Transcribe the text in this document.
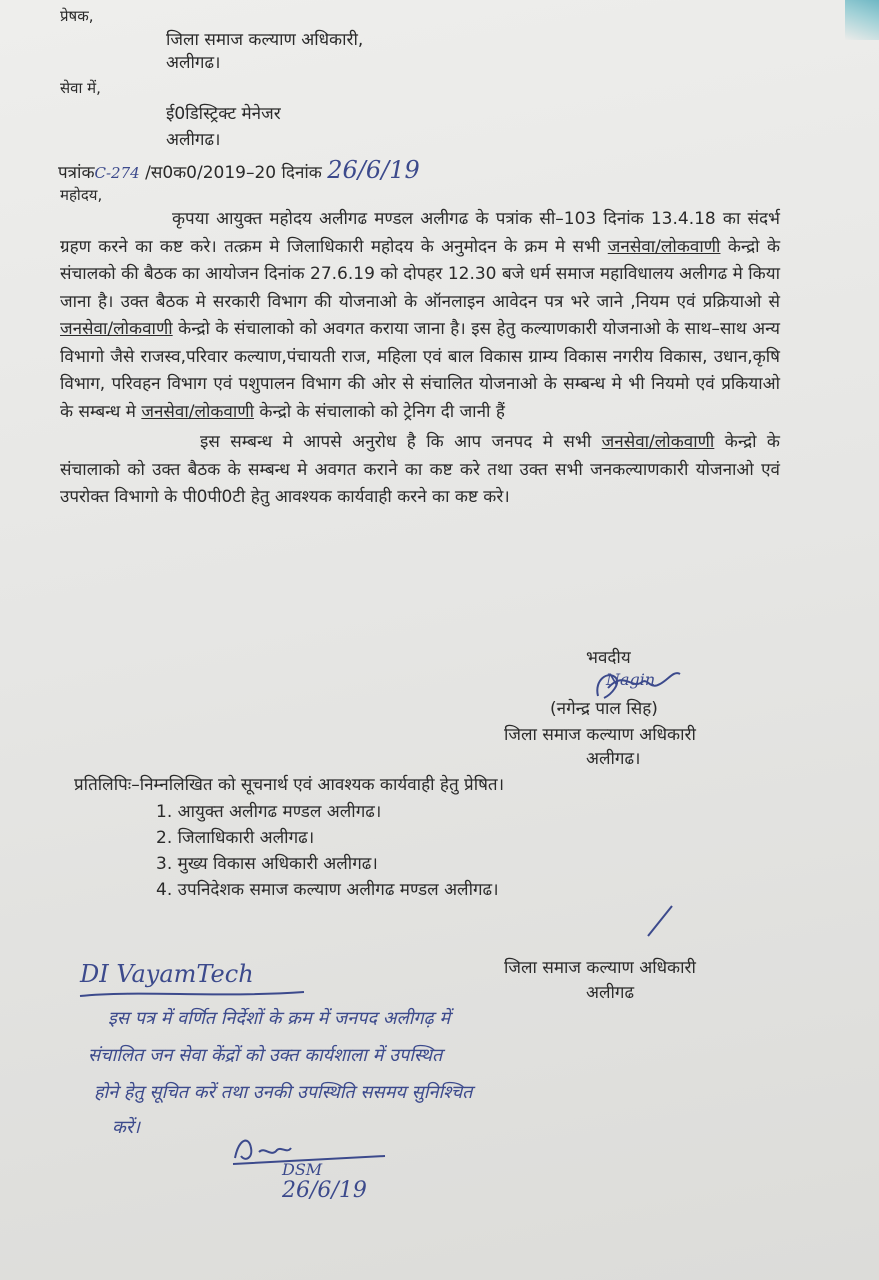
प्रेषक,
जिला समाज कल्याण अधिकारी,
अलीगढ।
सेवा में,
ई0डिस्ट्रिक्ट मेनेजर
अलीगढ।
पत्रांकC-274 /स0क0/2019–20 दिनांक 26/6/19
महोदय,

कृपया आयुक्त महोदय अलीगढ मण्डल अलीगढ के पत्रांक सी–103 दिनांक 13.4.18 का संदर्भ ग्रहण करने का कष्ट करे। तत्क्रम मे जिलाधिकारी महोदय के अनुमोदन के क्रम मे सभी जनसेवा/लोकवाणी केन्द्रो के संचालको की बैठक का आयोजन दिनांक 27.6.19 को दोपहर 12.30 बजे धर्म समाज महाविधालय अलीगढ मे किया जाना है। उक्त बैठक मे सरकारी विभाग की योजनाओ के ऑनलाइन आवेदन पत्र भरे जाने ,नियम एवं प्रक्रियाओ से जनसेवा/लोकवाणी केन्द्रो के संचालाको को अवगत कराया जाना है। इस हेतु कल्याणकारी योजनाओ के साथ–साथ अन्य विभागो जैसे राजस्व,परिवार कल्याण,पंचायती राज, महिला एवं बाल विकास ग्राम्य विकास नगरीय विकास, उधान,कृषि विभाग, परिवहन विभाग एवं पशुपालन विभाग की ओर से संचालित योजनाओ के सम्बन्ध मे भी नियमो एवं प्रकियाओ के सम्बन्ध मे जनसेवा/लोकवाणी केन्द्रो के संचालाको को ट्रेनिग दी जानी हैं

इस सम्बन्ध मे आपसे अनुरोध है कि आप जनपद मे सभी जनसेवा/लोकवाणी केन्द्रो के संचालाको को उक्त बैठक के सम्बन्ध मे अवगत कराने का कष्ट करे तथा उक्त सभी जनकल्याणकारी योजनाओ एवं उपरोक्त विभागो के पी0पी0टी हेतु आवश्यक कार्यवाही करने का कष्ट करे।

भवदीय
Nagin
(नगेन्द्र पाल सिह)
जिला समाज कल्याण अधिकारी
अलीगढ।
प्रतिलिपिः–निम्नलिखित को सूचनार्थ एवं आवश्यक कार्यवाही हेतु प्रेषित।
1. आयुक्त अलीगढ मण्डल अलीगढ।
2. जिलाधिकारी अलीगढ।
3. मुख्य विकास अधिकारी अलीगढ।
4. उपनिदेशक समाज कल्याण अलीगढ मण्डल अलीगढ।
जिला समाज कल्याण अधिकारी
अलीगढ
DI VayamTech
इस पत्र में वर्णित निर्देशों के क्रम में जनपद अलीगढ़ में
संचालित जन सेवा केंद्रों को उक्त कार्यशाला में उपस्थित
होने हेतु सूचित करें तथा उनकी उपस्थिति ससमय सुनिश्चित
करें।
DSM
26/6/19
